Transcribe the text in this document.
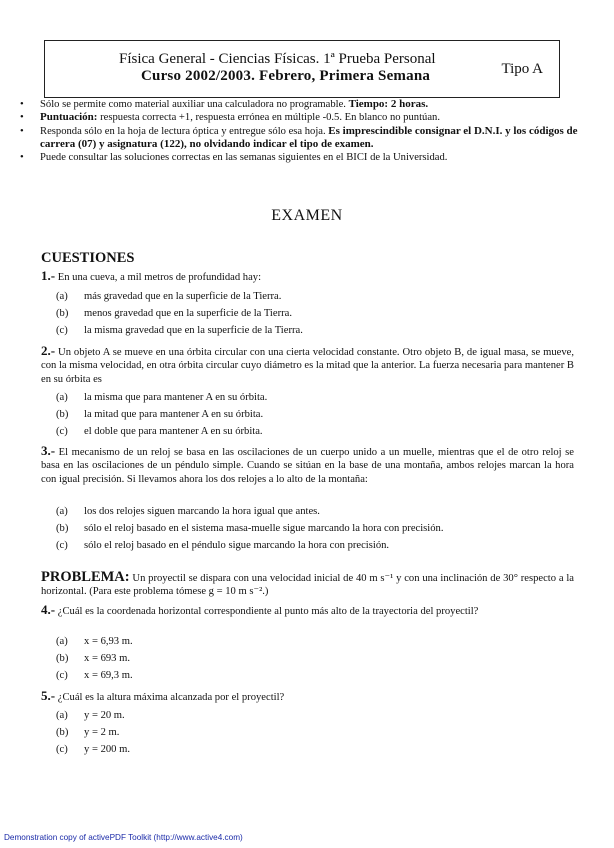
Física General - Ciencias Físicas. 1ª Prueba Personal
Curso 2002/2003. Febrero, Primera Semana	Tipo A
• Sólo se permite como material auxiliar una calculadora no programable. Tiempo: 2 horas.
• Puntuación: respuesta correcta +1, respuesta errónea en múltiple -0.5. En blanco no puntúan.
• Responda sólo en la hoja de lectura óptica y entregue sólo esa hoja. Es imprescindible consignar el D.N.I. y los códigos de carrera (07) y asignatura (122), no olvidando indicar el tipo de examen.
• Puede consultar las soluciones correctas en las semanas siguientes en el BICI de la Universidad.
EXAMEN
CUESTIONES
1.- En una cueva, a mil metros de profundidad hay:
(a)	más gravedad que en la superficie de la Tierra.
(b)	menos gravedad que en la superficie de la Tierra.
(c)	la misma gravedad que en la superficie de la Tierra.
2.- Un objeto A se mueve en una órbita circular con una cierta velocidad constante. Otro objeto B, de igual masa, se mueve, con la misma velocidad, en otra órbita circular cuyo diámetro es la mitad que la anterior. La fuerza necesaria para mantener B en su órbita es
(a)	la misma que para mantener A en su órbita.
(b)	la mitad que para mantener A en su órbita.
(c)	el doble que para mantener A en su órbita.
3.- El mecanismo de un reloj se basa en las oscilaciones de un cuerpo unido a un muelle, mientras que el de otro reloj se basa en las oscilaciones de un péndulo simple. Cuando se sitúan en la base de una montaña, ambos relojes marcan la hora con igual precisión. Si llevamos ahora los dos relojes a lo alto de la montaña:
(a)	los dos relojes siguen marcando la hora igual que antes.
(b)	sólo el reloj basado en el sistema masa-muelle sigue marcando la hora con precisión.
(c)	sólo el reloj basado en el péndulo sigue marcando la hora con precisión.
PROBLEMA: Un proyectil se dispara con una velocidad inicial de 40 m s⁻¹ y con una inclinación de 30° respecto a la horizontal. (Para este problema tómese g = 10 m s⁻².)
4.- ¿Cuál es la coordenada horizontal correspondiente al punto más alto de la trayectoria del proyectil?
(a)	x = 6,93 m.
(b)	x = 693 m.
(c)	x = 69,3 m.
5.- ¿Cuál es la altura máxima alcanzada por el proyectil?
(a)	y = 20 m.
(b)	y = 2 m.
(c)	y = 200 m.
Demonstration copy of activePDF Toolkit (http://www.active4.com)
